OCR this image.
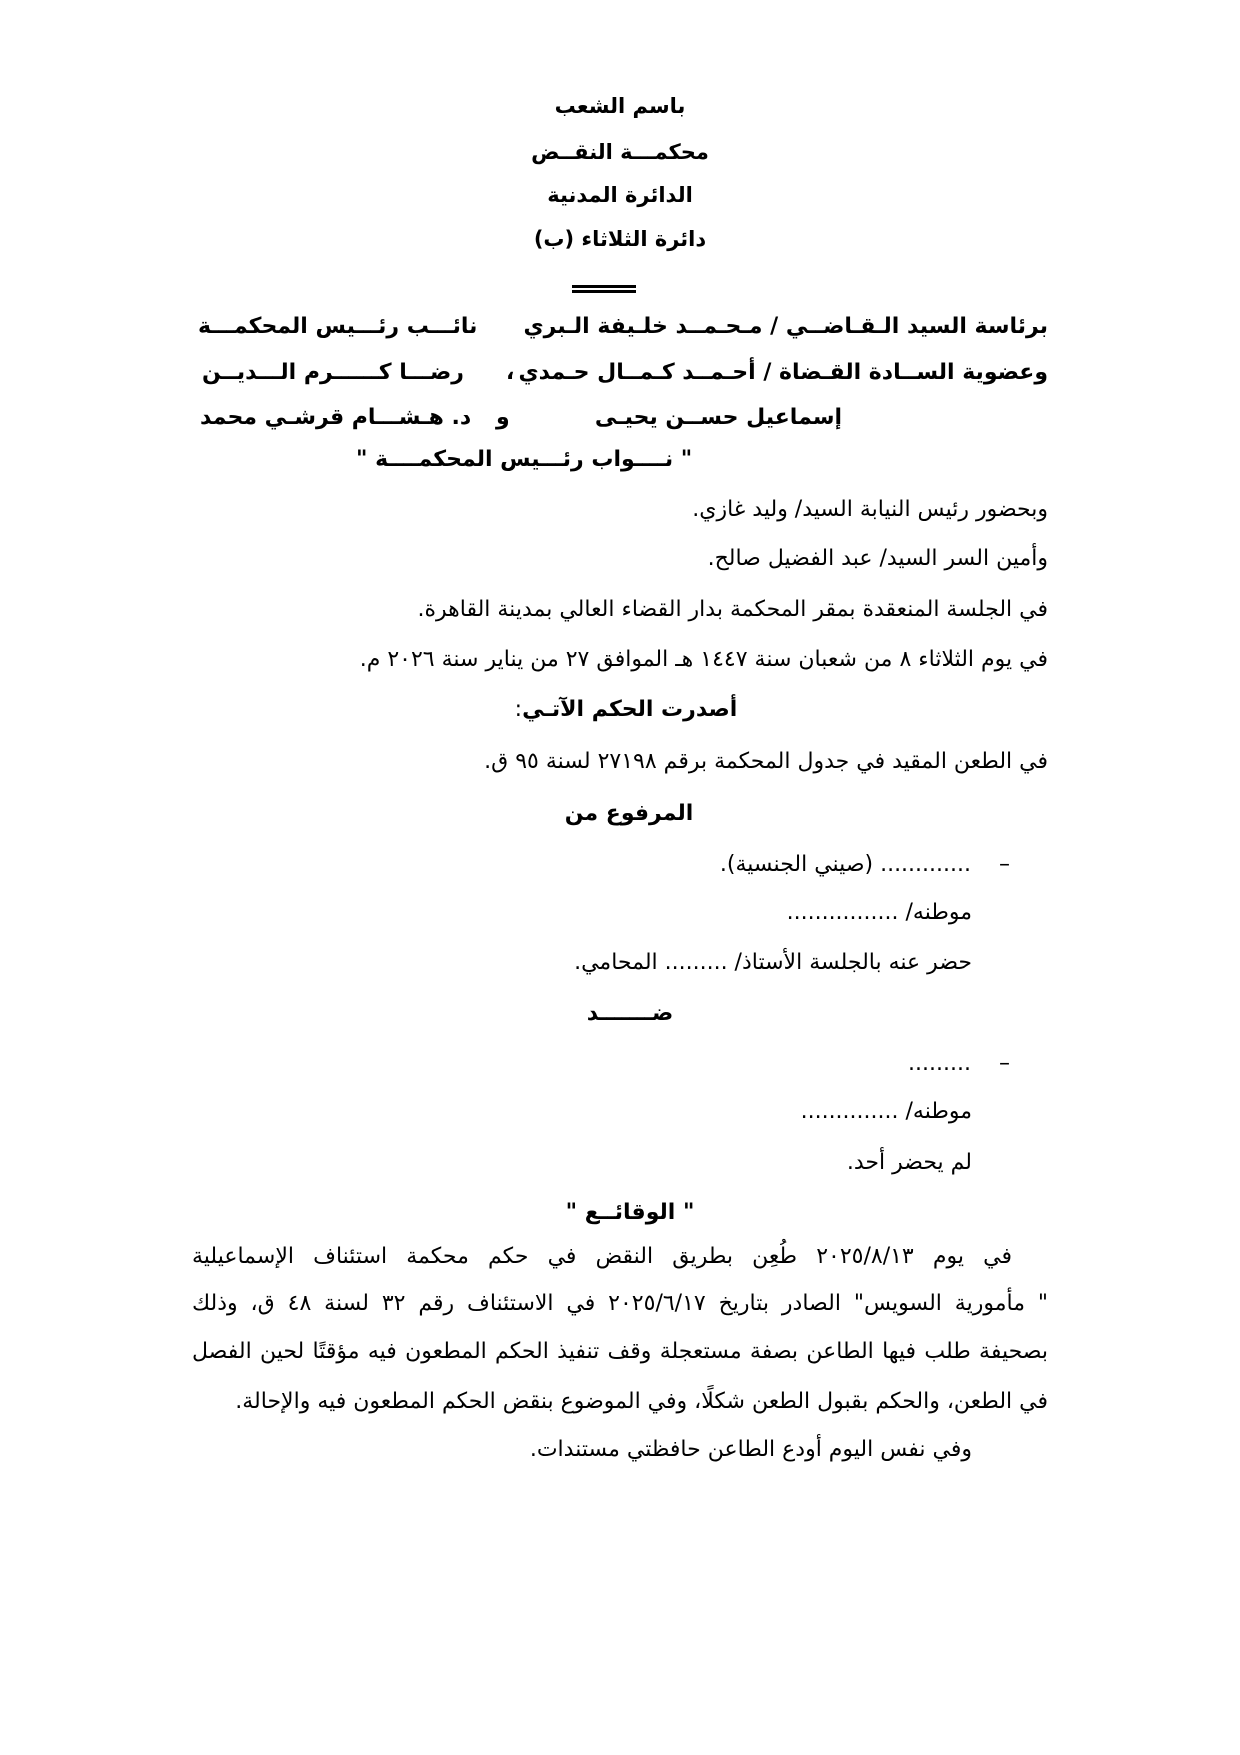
باسم الشعب
محكمـــة النقــض
الدائرة المدنية
دائرة الثلاثاء (ب)
برئاسة السيد الـقـاضــي / مـحـمــد خلـيفة الـبري
نائـــب رئـــيس المحكمـــة
وعضوية الســادة القـضاة / أحـمــد كـمــال حـمدي
،
رضـــا كــــــرم الـــديــن
إسماعيل حســن يحيـى
و
د. هـشـــام قرشـي محمد
" نــــواب رئـــيس المحكمــــة "
وبحضور رئيس النيابة السيد/ وليد غازي.
وأمين السر السيد/ عبد الفضيل صالح.
في الجلسة المنعقدة بمقر المحكمة بدار القضاء العالي بمدينة القاهرة.
في يوم الثلاثاء ٨ من شعبان سنة ١٤٤٧ هـ الموافق ٢٧ من يناير سنة ٢٠٢٦ م.
أصدرت الحكم الآتـي:
في الطعن المقيد في جدول المحكمة برقم ٢٧١٩٨ لسنة ٩٥ ق.
المرفوع من
–
............. (صيني الجنسية).
موطنه/ ................
حضر عنه بالجلسة الأستاذ/ ......... المحامي.
ضـــــــد
–
.........
موطنه/ ..............
لم يحضر أحد.
" الوقائــع "
في يوم ٢٠٢٥/٨/١٣ طُعِن بطريق النقض في حكم محكمة استئناف الإسماعيلية
" مأمورية السويس" الصادر بتاريخ ٢٠٢٥/٦/١٧ في الاستئناف رقم ٣٢ لسنة ٤٨ ق، وذلك
بصحيفة طلب فيها الطاعن بصفة مستعجلة وقف تنفيذ الحكم المطعون فيه مؤقتًا لحين الفصل
في الطعن، والحكم بقبول الطعن شكلًا، وفي الموضوع بنقض الحكم المطعون فيه والإحالة.
وفي نفس اليوم أودع الطاعن حافظتي مستندات.
